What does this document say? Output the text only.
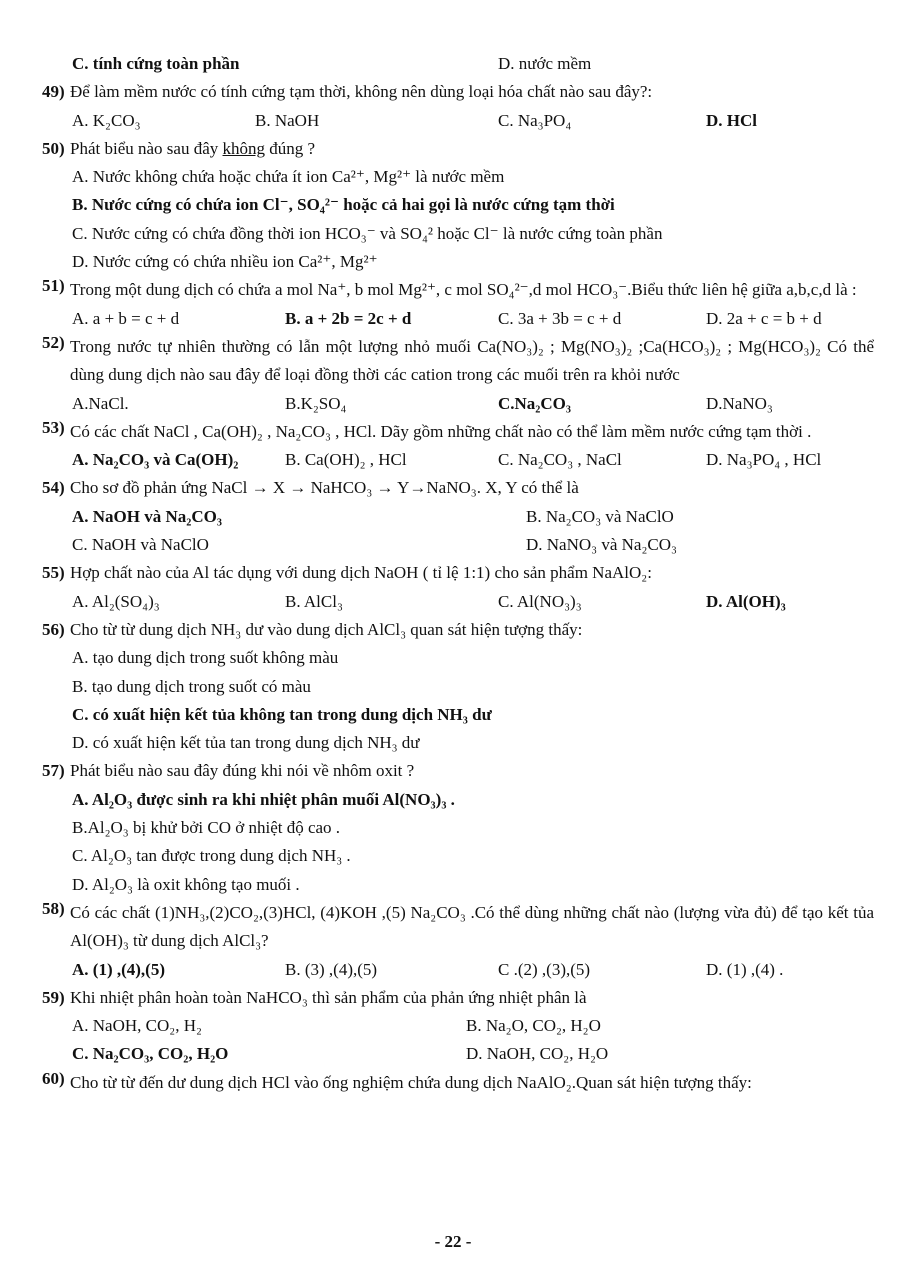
C. tính cứng toàn phần	D. nước mềm
49) Để làm mềm nước có tính cứng tạm thời, không nên dùng loại hóa chất nào sau đây?:
A. K₂CO₃	B. NaOH	C. Na₃PO₄	D. HCl
50) Phát biểu nào sau đây không đúng ?
A. Nước không chứa hoặc chứa ít ion Ca²⁺, Mg²⁺ là nước mềm
B. Nước cứng có chứa ion Cl⁻, SO₄²⁻ hoặc cả hai gọi là nước cứng tạm thời
C. Nước cứng có chứa đồng thời ion HCO₃⁻ và SO₄² hoặc Cl⁻ là nước cứng toàn phần
D. Nước cứng có chứa nhiều ion Ca²⁺, Mg²⁺
51) Trong một dung dịch có chứa a mol Na⁺, b mol Mg²⁺, c mol SO₄²⁻,d mol HCO₃⁻.Biểu thức liên hệ giữa a,b,c,d là :
A. a + b = c + d	B. a + 2b = 2c + d	C. 3a + 3b = c + d	D. 2a + c = b + d
52) Trong nước tự nhiên thường có lẫn một lượng nhỏ muối Ca(NO₃)₂ ; Mg(NO₃)₂ ;Ca(HCO₃)₂ ; Mg(HCO₃)₂ Có thể dùng dung dịch nào sau đây để loại đồng thời các cation trong các muối trên ra khỏi nước
A.NaCl.	B.K₂SO₄	C.Na₂CO₃	D.NaNO₃
53) Có các chất NaCl , Ca(OH)₂ , Na₂CO₃ , HCl. Dãy gồm những chất nào có thể làm mềm nước cứng tạm thời .
A. Na₂CO₃ và Ca(OH)₂	B. Ca(OH)₂ , HCl	C. Na₂CO₃ , NaCl	D. Na₃PO₄ , HCl
54) Cho sơ đồ phản ứng NaCl → X → NaHCO₃ → Y→NaNO₃. X, Y có thể là
A. NaOH và Na₂CO₃	B. Na₂CO₃ và NaClO
C. NaOH và NaClO	D. NaNO₃ và Na₂CO₃
55) Hợp chất nào của Al tác dụng với dung dịch NaOH ( tỉ lệ 1:1) cho sản phẩm NaAlO₂:
A. Al₂(SO₄)₃	B. AlCl₃	C. Al(NO₃)₃	D. Al(OH)₃
56) Cho từ từ dung dịch NH₃ dư vào dung dịch AlCl₃ quan sát hiện tượng thấy:
A. tạo dung dịch trong suốt không màu
B. tạo dung dịch trong suốt có màu
C. có xuất hiện kết tủa không tan trong dung dịch NH₃ dư
D. có xuất hiện kết tủa tan trong dung dịch NH₃ dư
57) Phát biểu nào sau đây đúng khi nói về nhôm oxit ?
A. Al₂O₃ được sinh ra khi nhiệt phân muối Al(NO₃)₃ .
B.Al₂O₃ bị khử bởi CO ở nhiệt độ cao .
C. Al₂O₃ tan được trong dung dịch NH₃ .
D. Al₂O₃ là oxit không tạo muối .
58) Có các chất (1)NH₃,(2)CO₂,(3)HCl, (4)KOH ,(5) Na₂CO₃ .Có thể dùng những chất nào (lượng vừa đủ) để tạo kết tủa Al(OH)₃ từ dung dịch AlCl₃?
A. (1) ,(4),(5)	B. (3) ,(4),(5)	C .(2) ,(3),(5)	D. (1) ,(4) .
59) Khi nhiệt phân hoàn toàn NaHCO₃ thì sản phẩm của phản ứng nhiệt phân là
A. NaOH, CO₂, H₂	B. Na₂O, CO₂, H₂O
C. Na₂CO₃, CO₂, H₂O	D. NaOH, CO₂, H₂O
60) Cho từ từ đến dư dung dịch HCl vào ống nghiệm chứa dung dịch NaAlO₂.Quan sát hiện tượng thấy:
- 22 -
